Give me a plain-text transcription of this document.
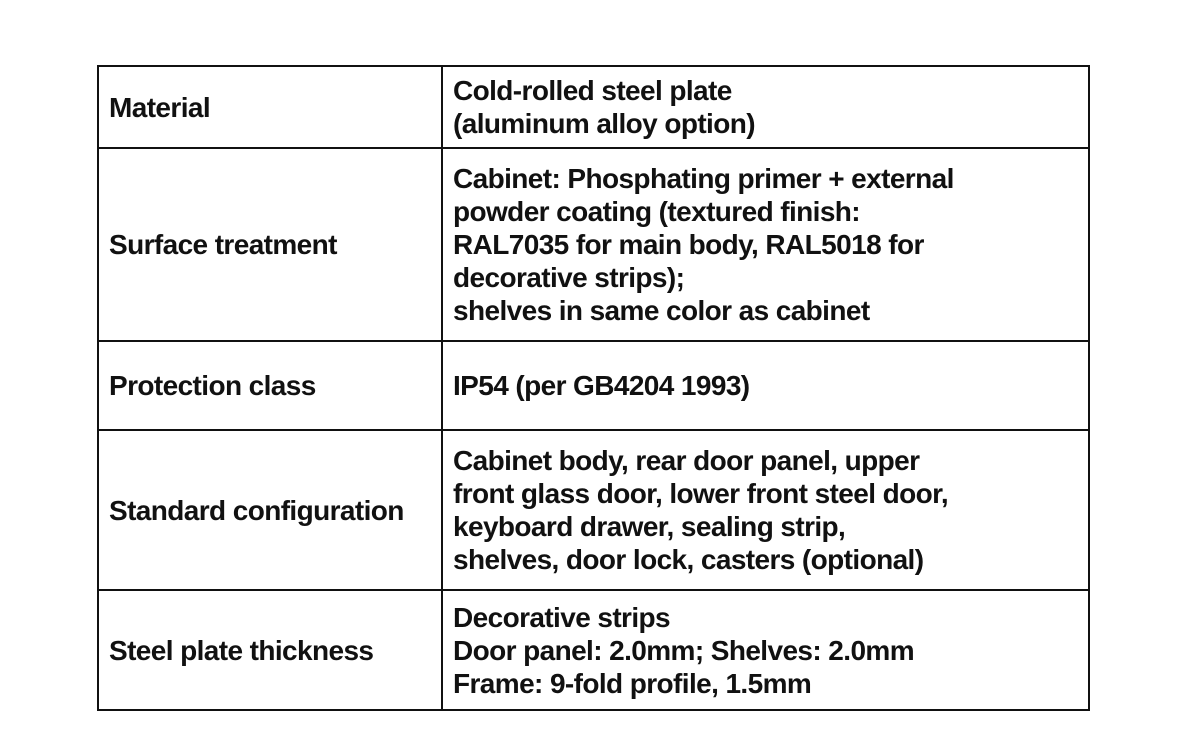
Material	Cold-rolled steel plate
(aluminum alloy option)

Surface treatment	Cabinet: Phosphating primer + external
powder coating (textured finish:
RAL7035 for main body, RAL5018 for
decorative strips);
shelves in same color as cabinet

Protection class	IP54 (per GB4204 1993)

Standard configuration	Cabinet body, rear door panel, upper
front glass door, lower front steel door,
keyboard drawer, sealing strip,
shelves, door lock, casters (optional)

Steel plate thickness	Decorative strips
Door panel: 2.0mm; Shelves: 2.0mm
Frame: 9-fold profile, 1.5mm
